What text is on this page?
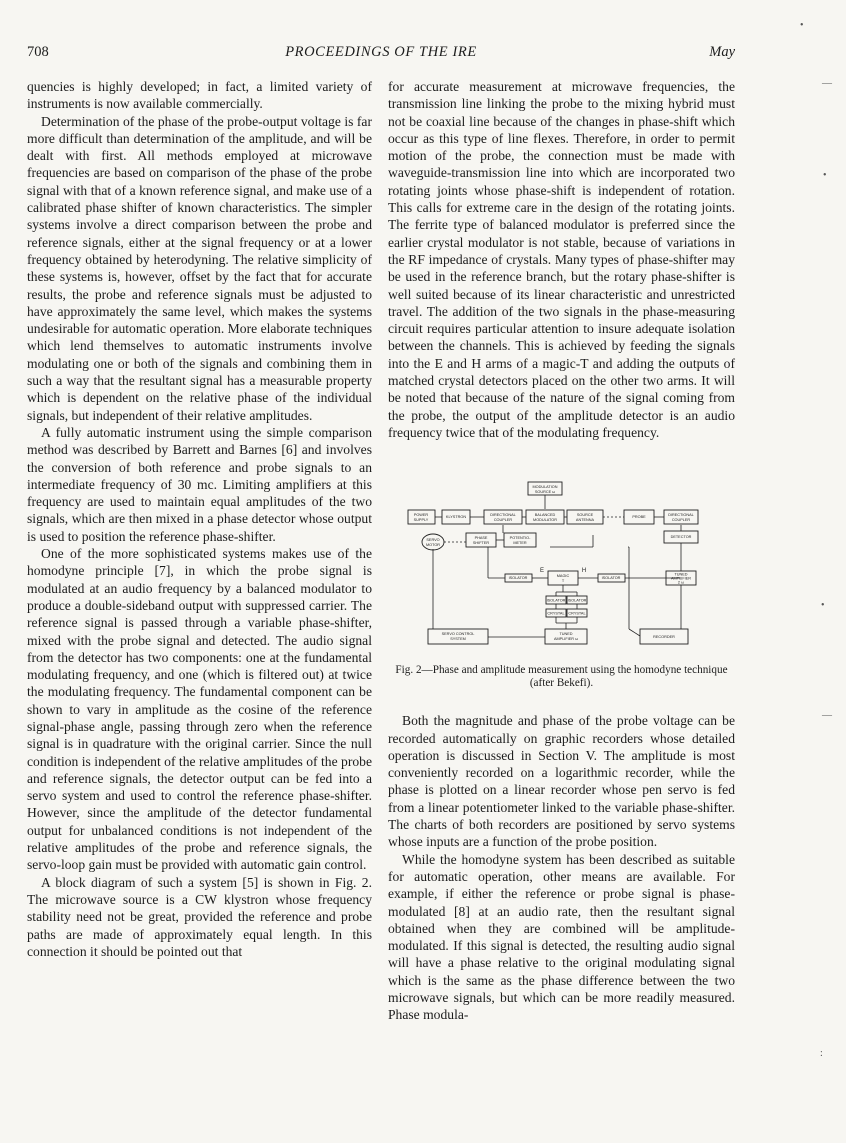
708	PROCEEDINGS OF THE IRE	May

quencies is highly developed; in fact, a limited variety of instruments is now available commercially.

Determination of the phase of the probe-output voltage is far more difficult than determination of the amplitude, and will be dealt with first. All methods employed at microwave frequencies are based on comparison of the phase of the probe signal with that of a known reference signal, and make use of a calibrated phase shifter of known characteristics. The simpler systems involve a direct comparison between the probe and reference signals, either at the signal frequency or at a lower frequency obtained by heterodyning. The relative simplicity of these systems is, however, offset by the fact that for accurate results, the probe and reference signals must be adjusted to have approximately the same level, which makes the systems undesirable for automatic operation. More elaborate techniques which lend themselves to automatic instruments involve modulating one or both of the signals and combining them in such a way that the resultant signal has a measurable property which is dependent on the relative phase of the individual signals, but independent of their relative amplitudes.

A fully automatic instrument using the simple comparison method was described by Barrett and Barnes [6] and involves the conversion of both reference and probe signals to an intermediate frequency of 30 mc. Limiting amplifiers at this frequency are used to maintain equal amplitudes of the two signals, which are then mixed in a phase detector whose output is used to position the reference phase-shifter.

One of the more sophisticated systems makes use of the homodyne principle [7], in which the probe signal is modulated at an audio frequency by a balanced modulator to produce a double-sideband output with suppressed carrier. The reference signal is passed through a variable phase-shifter, mixed with the probe signal and detected. The audio signal from the detector has two components: one at the fundamental modulating frequency, and one (which is filtered out) at twice the modulating frequency. The fundamental component can be shown to vary in amplitude as the cosine of the reference signal-phase angle, passing through zero when the reference signal is in quadrature with the original carrier. Since the null condition is independent of the relative amplitudes of the probe and reference signals, the detector output can be fed into a servo system and used to control the reference phase-shifter. However, since the amplitude of the detector fundamental output for unbalanced conditions is not independent of the relative amplitudes of the probe and reference signals, the servo-loop gain must be provided with automatic gain control.

A block diagram of such a system [5] is shown in Fig. 2. The microwave source is a CW klystron whose frequency stability need not be great, provided the reference and probe paths are made of approximately equal length. In this connection it should be pointed out that

for accurate measurement at microwave frequencies, the transmission line linking the probe to the mixing hybrid must not be coaxial line because of the changes in phase-shift which occur as this type of line flexes. Therefore, in order to permit motion of the probe, the connection must be made with waveguide-transmission line into which are incorporated two rotating joints whose phase-shift is independent of rotation. This calls for extreme care in the design of the rotating joints. The ferrite type of balanced modulator is preferred since the earlier crystal modulator is not stable, because of variations in the RF impedance of crystals. Many types of phase-shifter may be used in the reference branch, but the rotary phase-shifter is well suited because of its linear characteristic and unrestricted travel. The addition of the two signals in the phase-measuring circuit requires particular attention to insure adequate isolation between the channels. This is achieved by feeding the signals into the E and H arms of a magic-T and adding the outputs of matched crystal detectors placed on the other two arms. It will be noted that because of the nature of the signal coming from the probe, the output of the amplitude detector is an audio frequency twice that of the modulating frequency.

MODULATION
SOURCE ω
POWER
SUPPLY
KLYSTRON	DIRECTIONAL
COUPLER
BALANCED
MODULATOR
SOURCE
ANTENNA
PROBE	DIRECTIONAL
COUPLER
SERVO
MOTOR
PHASE
SHIFTER
POTENTIO-
METER
DETECTOR
ISOLATOR	MAGIC
T
E	H
ISOLATOR
TUNED
AMPLIFIER
2 ω
ISOLATOR ISOLATOR
CRYSTAL CRYSTAL
SERVO CONTROL
SYSTEM
TUNED
AMPLIFIER ω	RECORDER
Fig. 2—Phase and amplitude measurement using the homodyne technique (after Bekefi).

Both the magnitude and phase of the probe voltage can be recorded automatically on graphic recorders whose detailed operation is discussed in Section V. The amplitude is most conveniently recorded on a logarithmic recorder, while the phase is plotted on a linear recorder whose pen servo is fed from a linear potentiometer linked to the variable phase-shifter. The charts of both recorders are positioned by servo systems whose inputs are a function of the probe position.

While the homodyne system has been described as suitable for automatic operation, other means are available. For example, if either the reference or probe signal is phase-modulated [8] at an audio rate, then the resultant signal obtained when they are combined will be amplitude-modulated. If this signal is detected, the resulting audio signal will have a phase relative to the original modulating signal which is the same as the phase difference between the two microwave signals, but which can be more readily measured. Phase modula-

•
—
•
•
—
:
